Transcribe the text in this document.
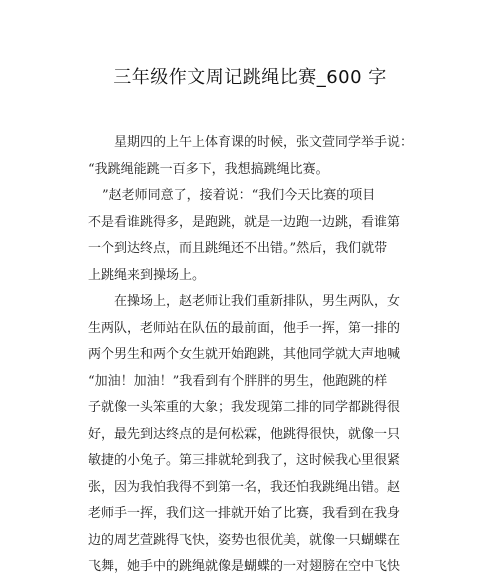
三年级作文周记跳绳比赛_600 字
星期四的上午上体育课的时候，张文萱同学举手说：
“我跳绳能跳一百多下，我想搞跳绳比赛。
”赵老师同意了，接着说：“我们今天比赛的项目
不是看谁跳得多，是跑跳，就是一边跑一边跳，看谁第
一个到达终点，而且跳绳还不出错。”然后，我们就带
上跳绳来到操场上。
在操场上，赵老师让我们重新排队，男生两队，女
生两队，老师站在队伍的最前面，他手一挥，第一排的
两个男生和两个女生就开始跑跳，其他同学就大声地喊
“加油！加油！”我看到有个胖胖的男生，他跑跳的样
子就像一头笨重的大象；我发现第二排的同学都跳得很
好，最先到达终点的是何松霖，他跳得很快，就像一只
敏捷的小兔子。第三排就轮到我了，这时候我心里很紧
张，因为我怕我得不到第一名，我还怕我跳绳出错。赵
老师手一挥，我们这一排就开始了比赛，我看到在我身
边的周艺萱跳得飞快，姿势也很优美，就像一只蝴蝶在
飞舞，她手中的跳绳就像是蝴蝶的一对翅膀在空中飞快
